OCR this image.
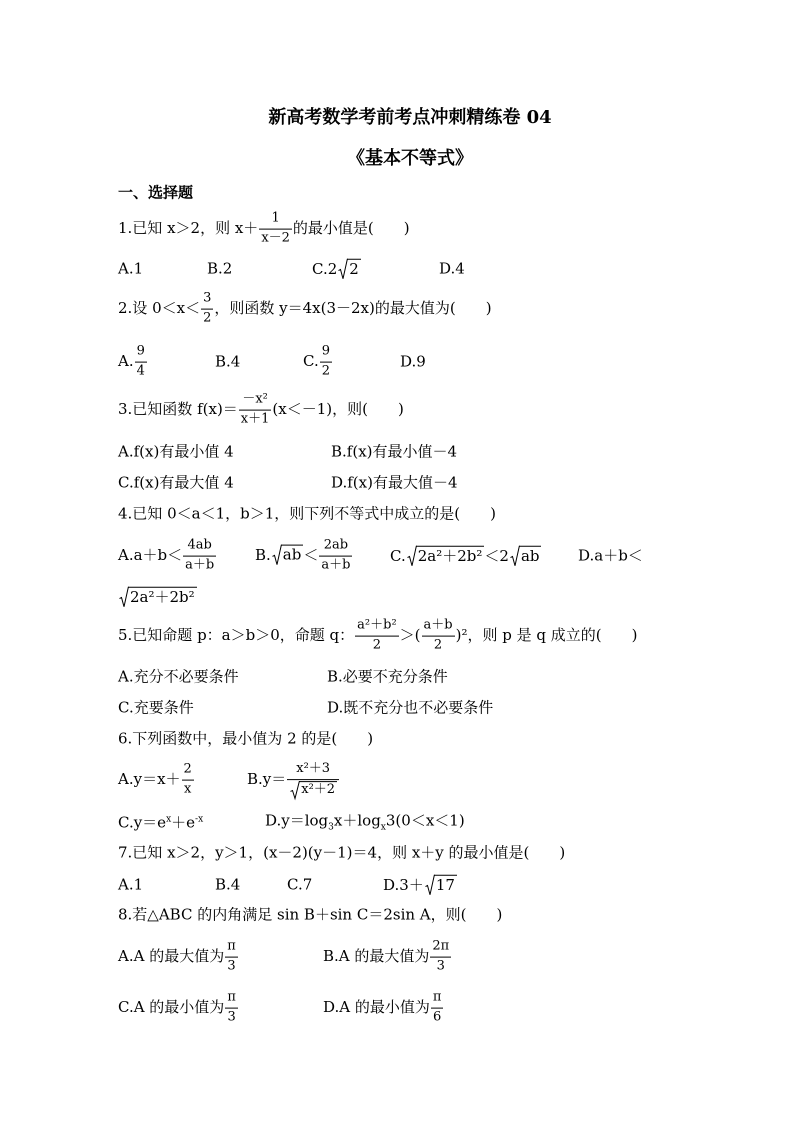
新高考数学考前考点冲刺精练卷 04
《基本不等式》
一、选择题
1.已知 x＞2，则 $x+ \frac{1}{x-2}$ 的最小值是(　　)
A.1	B.2	C.2 2	D.4
2.设 $0<x< \frac{3}{2}$ ，则函数 y＝4x(3－2x)的最大值为(　　)
A. $\frac{9}{4}$	B.4	C. $\frac{9}{2}$	D.9
3.已知函数 $f(x)= \frac{\text{－x²}}{x+1} (x<-1)$，则(　　)
A.f(x)有最小值 4	B.f(x)有最小值－4
C.f(x)有最大值 4	D.f(x)有最大值－4
4.已知 0＜a＜1，b＞1，则下列不等式中成立的是(　　)
$A.a+b< \frac{4ab}{a+b}$	B. ab ＜ $\frac{2ab}{a+b}$	C. 2a²＋2b² ＜2 ab	D.a＋b＜
2a²＋2b²
5.已知命题 p：a＞b＞0，命题 q： $\frac{\text{a²＋b²}}{2}$ ＞( $\frac{a+b}{2} )^2$，则 p 是 q 成立的(　　)
A.充分不必要条件	B.必要不充分条件
C.充要条件	D.既不充分也不必要条件
6.下列函数中，最小值为 2 的是(　　)
$A.y=x+ \frac{2}{x}$	$B.y= \frac{\text{x²＋3}}{\text{x²＋2}}$
$C.y=e^x+e^{-x}$	$D.y=\log_3x+\log_x3(0<x<1)$
7.已知 x＞2，y＞1，(x－2)(y－1)＝4，则 x＋y 的最小值是(　　)
A.1	B.4	C.7	D.3＋ 17
8.若△ABC 的内角满足 sin B＋sin C＝2sin A，则(　　)
A.A 的最大值为 $\frac{\pi}{3}$	B.A 的最大值为 $\frac{2\pi}{3}$
C.A 的最小值为 $\frac{\pi}{3}$	D.A 的最小值为 $\frac{\pi}{6}$
